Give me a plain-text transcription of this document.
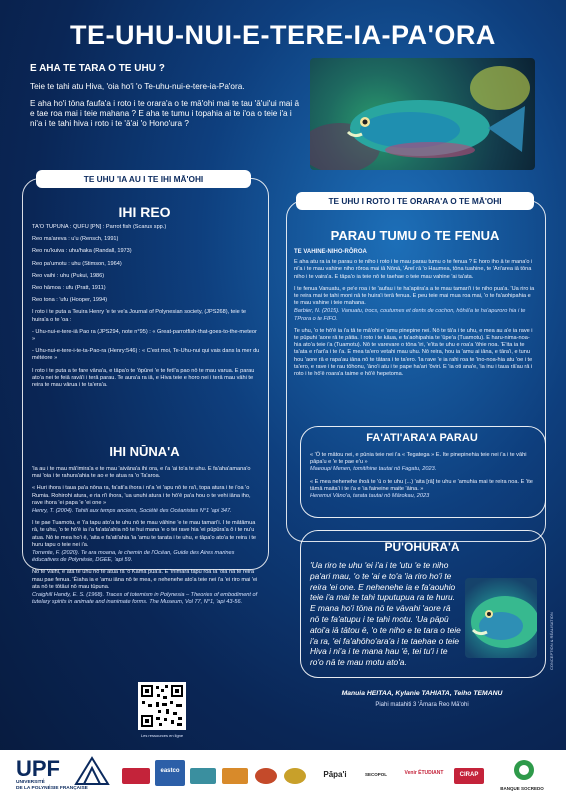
TE-UHU-NUI-E-TERE-IA-PA'ORA
E AHA TE TARA O TE UHU ?

Teie te tahi atu Hiva, 'oia ho'i 'o Te-uhu-nui-e-tere-ia-Pa'ora.

E aha ho'i tōna faufa'a i roto i te orara'a o te mā'ohi mai te tau 'ā'ui'ui mai ā e tae roa mai i teie mahana ? E aha te tumu i topahia ai te i'oa o teie i'a i ni'a i te tahi hiva i roto i te 'ā'ai 'o Hono'ura ?

TE UHU 'IA AU I TE IHI MĀ'OHI
IHI REO

TA'O TUPUNA : QUFU [PN] : Parrot fish (Scarus spp.)

Reo ma'areva : u'u (Rensch, 1991)

Reo nu'kuiva : uhu/haka (Randall, 1973)

Reo pa'umotu : uhu (Stimson, 1964)

Reo vaihi : uhu (Pukui, 1986)

Reo hāmoa : ufu (Pratt, 1911)

Reo tona : 'ufu (Hooper, 1994)

I roto i te puta a Teuira Henry 'e te ve'a Journal of Polynesian society, (JPS268), teie te huira'a o te 'oa :

- Uhu-nui-e-tere-iā Pao ra (JPS294, note n°95) : « Great-parrotfish-that-goes-to-the-meteor »

- Uhu-nui-e-tere-i-te-ta-Pao-ra (Henry:546) : « C'est moi, Te-Uhu-nui qui vais dans la mer du météore »

I roto i te puta a te fare vāna'a, e tāpa'o te 'ōpūrei 'e te fetī'a pao nō te mau varua. E parau ato'a nei te feiā ravā'i i terā parau. Te aura'a ra iā, e Hiva teie e horo nei i terā mau vāhi te reira te mau vārua i te ta'era'a.

IHI NŪNA'A

'Ia au i te mau mā'imira'a e te mau 'aivāna'a ihi ora, e i'a 'ai to'a te uhu. E fa'aha'amana'o mai 'oia i te rahura'ahia te ao e te atua ra 'o Ta'aroa.

« Huri ihora i taua pa'a nōna ra, fa'ati'a ihora i ni'a 'ei 'apu nō te ra'i, topa atura i te i'oa 'o Rumia. Rohirohi atura, e ria ri'i ihora, 'ua unuhi atura i te hō'ē pa'a hou o te vehi iāna iho, rave ihora 'ei papa 'e 'ei one »

Henry, T. (2004). Tahiti aux temps anciens, Société des Océanistes N°1 'api 347.

I te pae Tuamotu, e 'i'a tapu ato'a te uhu nō te mau vāhine 'e te mau tamari'i. I te mātāmua rā, te uhu, 'o te hō'ē ia i'a fa'ata'ahia nō te hui mana 'e o tei rave hia 'ei pūpūra'a ō i te nu'u atua. Nō te mea ho'i ē, 'aita e fa'ati'ahia 'ia 'amu te tarata i te uhu, e tāpa'o ato'a te reira i te huru tapu o teie nei i'a.

Torrente, F. (2020). Te ara moana, le chemin de l'Océan, Guide des Aires marines éducatives de Polynésie, DGEE, 'api 59.

Nō te Vaihi, e ata te uhu nō te atua ra 'o Kama pua'a. E 'inimara tapu roa ia 'oia nā te reira mau pae fenua. 'Ēiaha ia e 'amu iāna nō te mea, e nehenehe ato'a teie nei i'a 'ei riro mai 'ei ata nō te tōtāui nō mau tūpuna.

Craighill Handy, E. S. (1968). Traces of totemism in Polynesia – Theories of embodiment of tutelary spirits in animate and inanimate forms. The Museum, Vol 77, N°1, 'api 43-56.

TE UHU I ROTO I TE ORARA'A O TE MĀ'OHI
PARAU TUMU O TE FENUA

TE VAHINE-NIHO-RŌROA

E aha atu ra ia te parau o te niho i roto i te mau parau tumu o te fenua ? E horo iho ā te mana'o i ni'a i te mau vahine niho rōroa mai iā Nōnā, 'Āreī rā 'o Haumea, tōna tuahine, te 'Ari'area iā tōna niho i te vaira'a. E tāpa'o ia teie nō te taehae o teie mau vahine 'ai ta'ata.

I te fenua Vanuatu, e pe'e roa i te 'aufau i te ha'apiira'a a te mau tamari'i i te niho pua'a. 'Ua riro ia te reira mai te tahi moni nā te huira'i terā fenua. E peu teie mai mua roa mai, 'o te fa'aohipahia e te mau vahine i teie mahana.

Barbier, N. (2015). Vanuatu, trocs, coutumes et dents de cochon, hōhā'a te ha'apuroro hia i te TProra o te FIFO.

Te uhu, 'o te hō'ē ia i'a tā te mā'ohi e 'amu pinepine nei. Nō te tā'a i te uhu, e mea au a'e ia rave i te pūpuhi 'aore rā te pātia. I roto i te kāua, e fa'aohipahia te 'ūpe'a (Tuamotu). E haru-nima-noa-hia ato'a teie i'a (Tuamotu). Nō te varevare o tōna 'iri, 'e'ita te uhu e roa'a 'ōhie noa. 'E'ita ia te ta'ata e ri'ari'a i te i'a. E mea ta'ero vetahi mau uhu. Nō reira, hou ia 'amu ai iāna, e tāra'i, e tunu hou 'aore rā e rapa'au iāna nō te tātara i te ta'ero. 'Ia rave 'e ia rahi roa te 'ino-noa-hia atu 'oe i te ta'ero, e rave i te rau tōhonu, 'āno'i atu i te pape ha'ari 'ōviri. E 'ia oti ana'e, 'ia inu i taua rā'au rā i roto i te hō'ē roara'a taime e hō'ē hepetoma.

FA'ATI'ARA'A PARAU

« 'Ō te mātou nei, e pūnia teie nei i'a « Tegatega » E. Ite pinepinehia teie nei i'a i te vāhi pāpa'u e 'e te pae e'u »

Maeoupi Menen, tomitihine tautai nō Fagatu, 2023.

« E mea nehenehe ihoā te 'ū o te uhu (...) 'aita [rā] te uhu e 'amuhia mai te reira noa. E 'ite tāmā maita'i i te i'a e 'ia faineine maite 'āina. »

Heremui Vāno'a, tarata tautai nō Mārokau, 2023

PŪ'OHURA'A
'Ua riro te uhu 'ei i'a i te 'utu 'e te niho pa'ari mau, 'o te 'ai e to'a 'ia riro ho'i te reira 'ei one. E nehenehe ia e fa'aouhio teie i'a mai te tahi tuputupua ra te huru. E mana ho'i tōna nō te vāvahi 'aore rā nō te fa'atupu i te tahi motu. 'Ua pāpū atoi'a iā tātou ē, 'o te niho e te tara o teie i'a ra, 'ei fa'ahōho'ara'a i te taehae o teie Hiva i ni'a i te mana hau 'ē, tei tu'i i te ro'o nā te mau motu ato'a.
Manuia HEITAA, Kylanie TAHIATA, Teiho TEMANU
Piahi matahiti 3 'Āmara Reo Mā'ohi
CONCEPTION & RÉALISATION
Les ressources en ligne
UPF
UNIVERSITÉ
DE LA POLYNÉSIE FRANÇAISE
eastco	Pāpa'i	SECOPOL	Venir ÉTUDIANT	CIRAP
BANQUE SOCREDO
